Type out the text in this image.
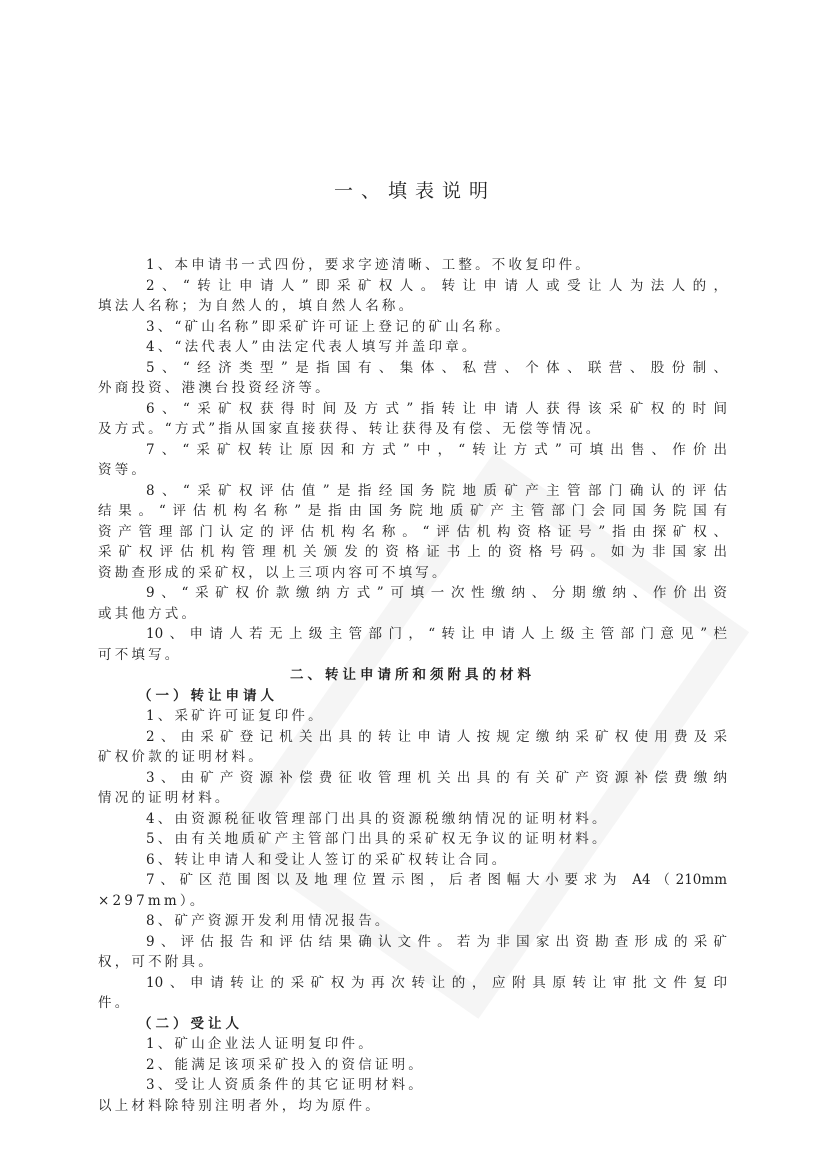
一、填表说明
1、本申请书一式四份，要求字迹清晰、工整。不收复印件。
2、“转让申请人”即采矿权人。转让申请人或受让人为法人的，
填法人名称；为自然人的，填自然人名称。
3、“矿山名称”即采矿许可证上登记的矿山名称。
4、“法代表人”由法定代表人填写并盖印章。
5、“经济类型”是指国有、集体、私营、个体、联营、股份制、
外商投资、港澳台投资经济等。
6、“采矿权获得时间及方式”指转让申请人获得该采矿权的时间
及方式。“方式”指从国家直接获得、转让获得及有偿、无偿等情况。
7、“采矿权转让原因和方式”中，“转让方式”可填出售、作价出
资等。
8、“采矿权评估值”是指经国务院地质矿产主管部门确认的评估
结果。“评估机构名称”是指由国务院地质矿产主管部门会同国务院国有
资产管理部门认定的评估机构名称。“评估机构资格证号”指由探矿权、
采矿权评估机构管理机关颁发的资格证书上的资格号码。如为非国家出
资勘查形成的采矿权，以上三项内容可不填写。
9、“采矿权价款缴纳方式”可填一次性缴纳、分期缴纳、作价出资
或其他方式。
10、申请人若无上级主管部门，“转让申请人上级主管部门意见”栏
可不填写。
二、转让申请所和须附具的材料
（一）转让申请人
1、采矿许可证复印件。
2、由采矿登记机关出具的转让申请人按规定缴纳采矿权使用费及采
矿权价款的证明材料。
3、由矿产资源补偿费征收管理机关出具的有关矿产资源补偿费缴纳
情况的证明材料。
4、由资源税征收管理部门出具的资源税缴纳情况的证明材料。
5、由有关地质矿产主管部门出具的采矿权无争议的证明材料。
6、转让申请人和受让人签订的采矿权转让合同。
7、矿区范围图以及地理位置示图，后者图幅大小要求为 A4（210mm
×297mm）。
8、矿产资源开发利用情况报告。
9、评估报告和评估结果确认文件。若为非国家出资勘查形成的采矿
权，可不附具。
10、申请转让的采矿权为再次转让的，应附具原转让审批文件复印
件。
（二）受让人
1、矿山企业法人证明复印件。
2、能满足该项采矿投入的资信证明。
3、受让人资质条件的其它证明材料。
以上材料除特别注明者外，均为原件。
